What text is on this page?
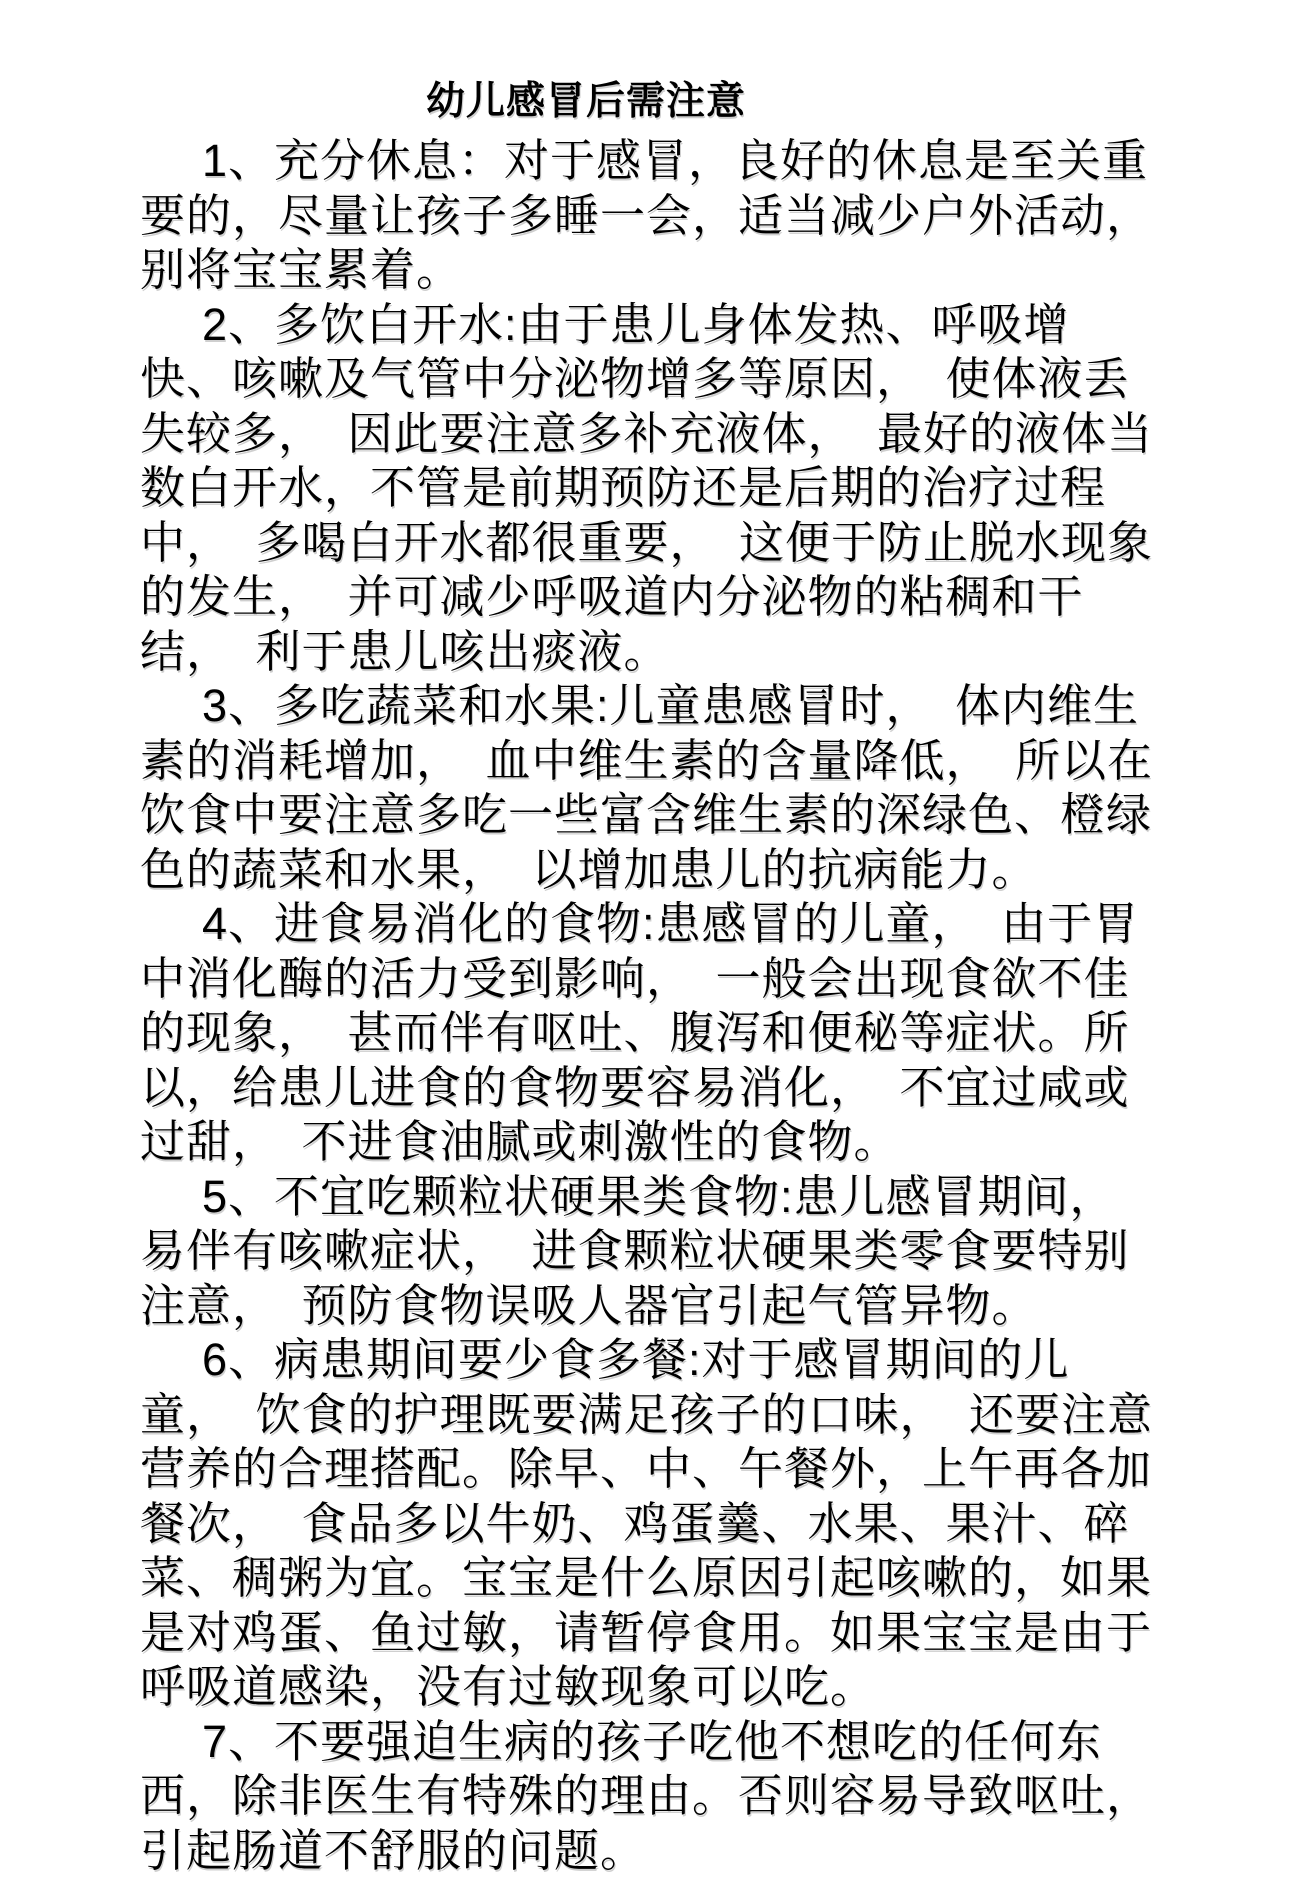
幼儿感冒后需注意
1、充分休息：对于感冒，良好的休息是至关重
要的，尽量让孩子多睡一会，适当减少户外活动，
别将宝宝累着。
2、多饮白开水:由于患儿身体发热、呼吸增
快、咳嗽及气管中分泌物增多等原因，　使体液丢
失较多，　因此要注意多补充液体，　最好的液体当
数白开水，不管是前期预防还是后期的治疗过程
中，　多喝白开水都很重要，　这便于防止脱水现象
的发生，　并可减少呼吸道内分泌物的粘稠和干
结，　利于患儿咳出痰液。
3、多吃蔬菜和水果:儿童患感冒时，　体内维生
素的消耗增加，　血中维生素的含量降低，　所以在
饮食中要注意多吃一些富含维生素的深绿色、橙绿
色的蔬菜和水果，　以增加患儿的抗病能力。
4、进食易消化的食物:患感冒的儿童，　由于胃
中消化酶的活力受到影响，　一般会出现食欲不佳
的现象，　甚而伴有呕吐、腹泻和便秘等症状。所
以，给患儿进食的食物要容易消化，　不宜过咸或
过甜，　不进食油腻或刺激性的食物。
5、不宜吃颗粒状硬果类食物:患儿感冒期间，
易伴有咳嗽症状，　进食颗粒状硬果类零食要特别
注意，　预防食物误吸人器官引起气管异物。
6、病患期间要少食多餐:对于感冒期间的儿
童，　饮食的护理既要满足孩子的口味，　还要注意
营养的合理搭配。除早、中、午餐外，上午再各加
餐次，　食品多以牛奶、鸡蛋羹、水果、果汁、碎
菜、稠粥为宜。宝宝是什么原因引起咳嗽的，如果
是对鸡蛋、鱼过敏，请暂停食用。如果宝宝是由于
呼吸道感染，没有过敏现象可以吃。
7、不要强迫生病的孩子吃他不想吃的任何东
西，除非医生有特殊的理由。否则容易导致呕吐，
引起肠道不舒服的问题。
